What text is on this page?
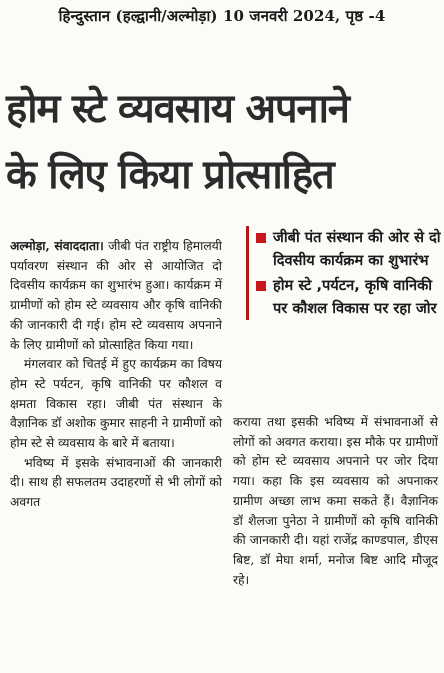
हिन्दुस्तान (हल्द्वानी/अल्मोड़ा) 10 जनवरी 2024, पृष्ठ -4
होम स्टे व्यवसाय अपनाने
के लिए किया प्रोत्साहित

अल्मोड़ा, संवाददाता। जीबी पंत राष्ट्रीय हिमालयी पर्यावरण संस्थान की ओर से आयोजित दो दिवसीय कार्यक्रम का शुभारंभ हुआ। कार्यक्रम में ग्रामीणों को होम स्टे व्यवसाय और कृषि वानिकी की जानकारी दी गई। होम स्टे व्यवसाय अपनाने के लिए ग्रामीणों को प्रोत्साहित किया गया।

मंगलवार को चितई में हुए कार्यक्रम का विषय होम स्टे पर्यटन, कृषि वानिकी पर कौशल व क्षमता विकास रहा। जीबी पंत संस्थान के वैज्ञानिक डॉ अशोक कुमार साहनी ने ग्रामीणों को होम स्टे से व्यवसाय के बारे में बताया।

भविष्य में इसके संभावनाओं की जानकारी दी। साथ ही सफलतम उदाहरणों से भी लोगों को अवगत

जीबी पंत संस्थान की ओर से दो दिवसीय कार्यक्रम का शुभारंभ
होम स्टे ,पर्यटन, कृषि वानिकी पर कौशल विकास पर रहा जोर

कराया तथा इसकी भविष्य में संभावनाओं से लोगों को अवगत कराया। इस मौके पर ग्रामीणों को होम स्टे व्यवसाय अपनाने पर जोर दिया गया। कहा कि इस व्यवसाय को अपनाकर ग्रामीण अच्छा लाभ कमा सकते हैं। वैज्ञानिक डॉ शैलजा पुनेठा ने ग्रामीणों को कृषि वानिकी की जानकारी दी। यहां राजेंद्र काण्डपाल, डीएस बिष्ट, डॉ मेघा शर्मा, मनोज बिष्ट आदि मौजूद रहे।
